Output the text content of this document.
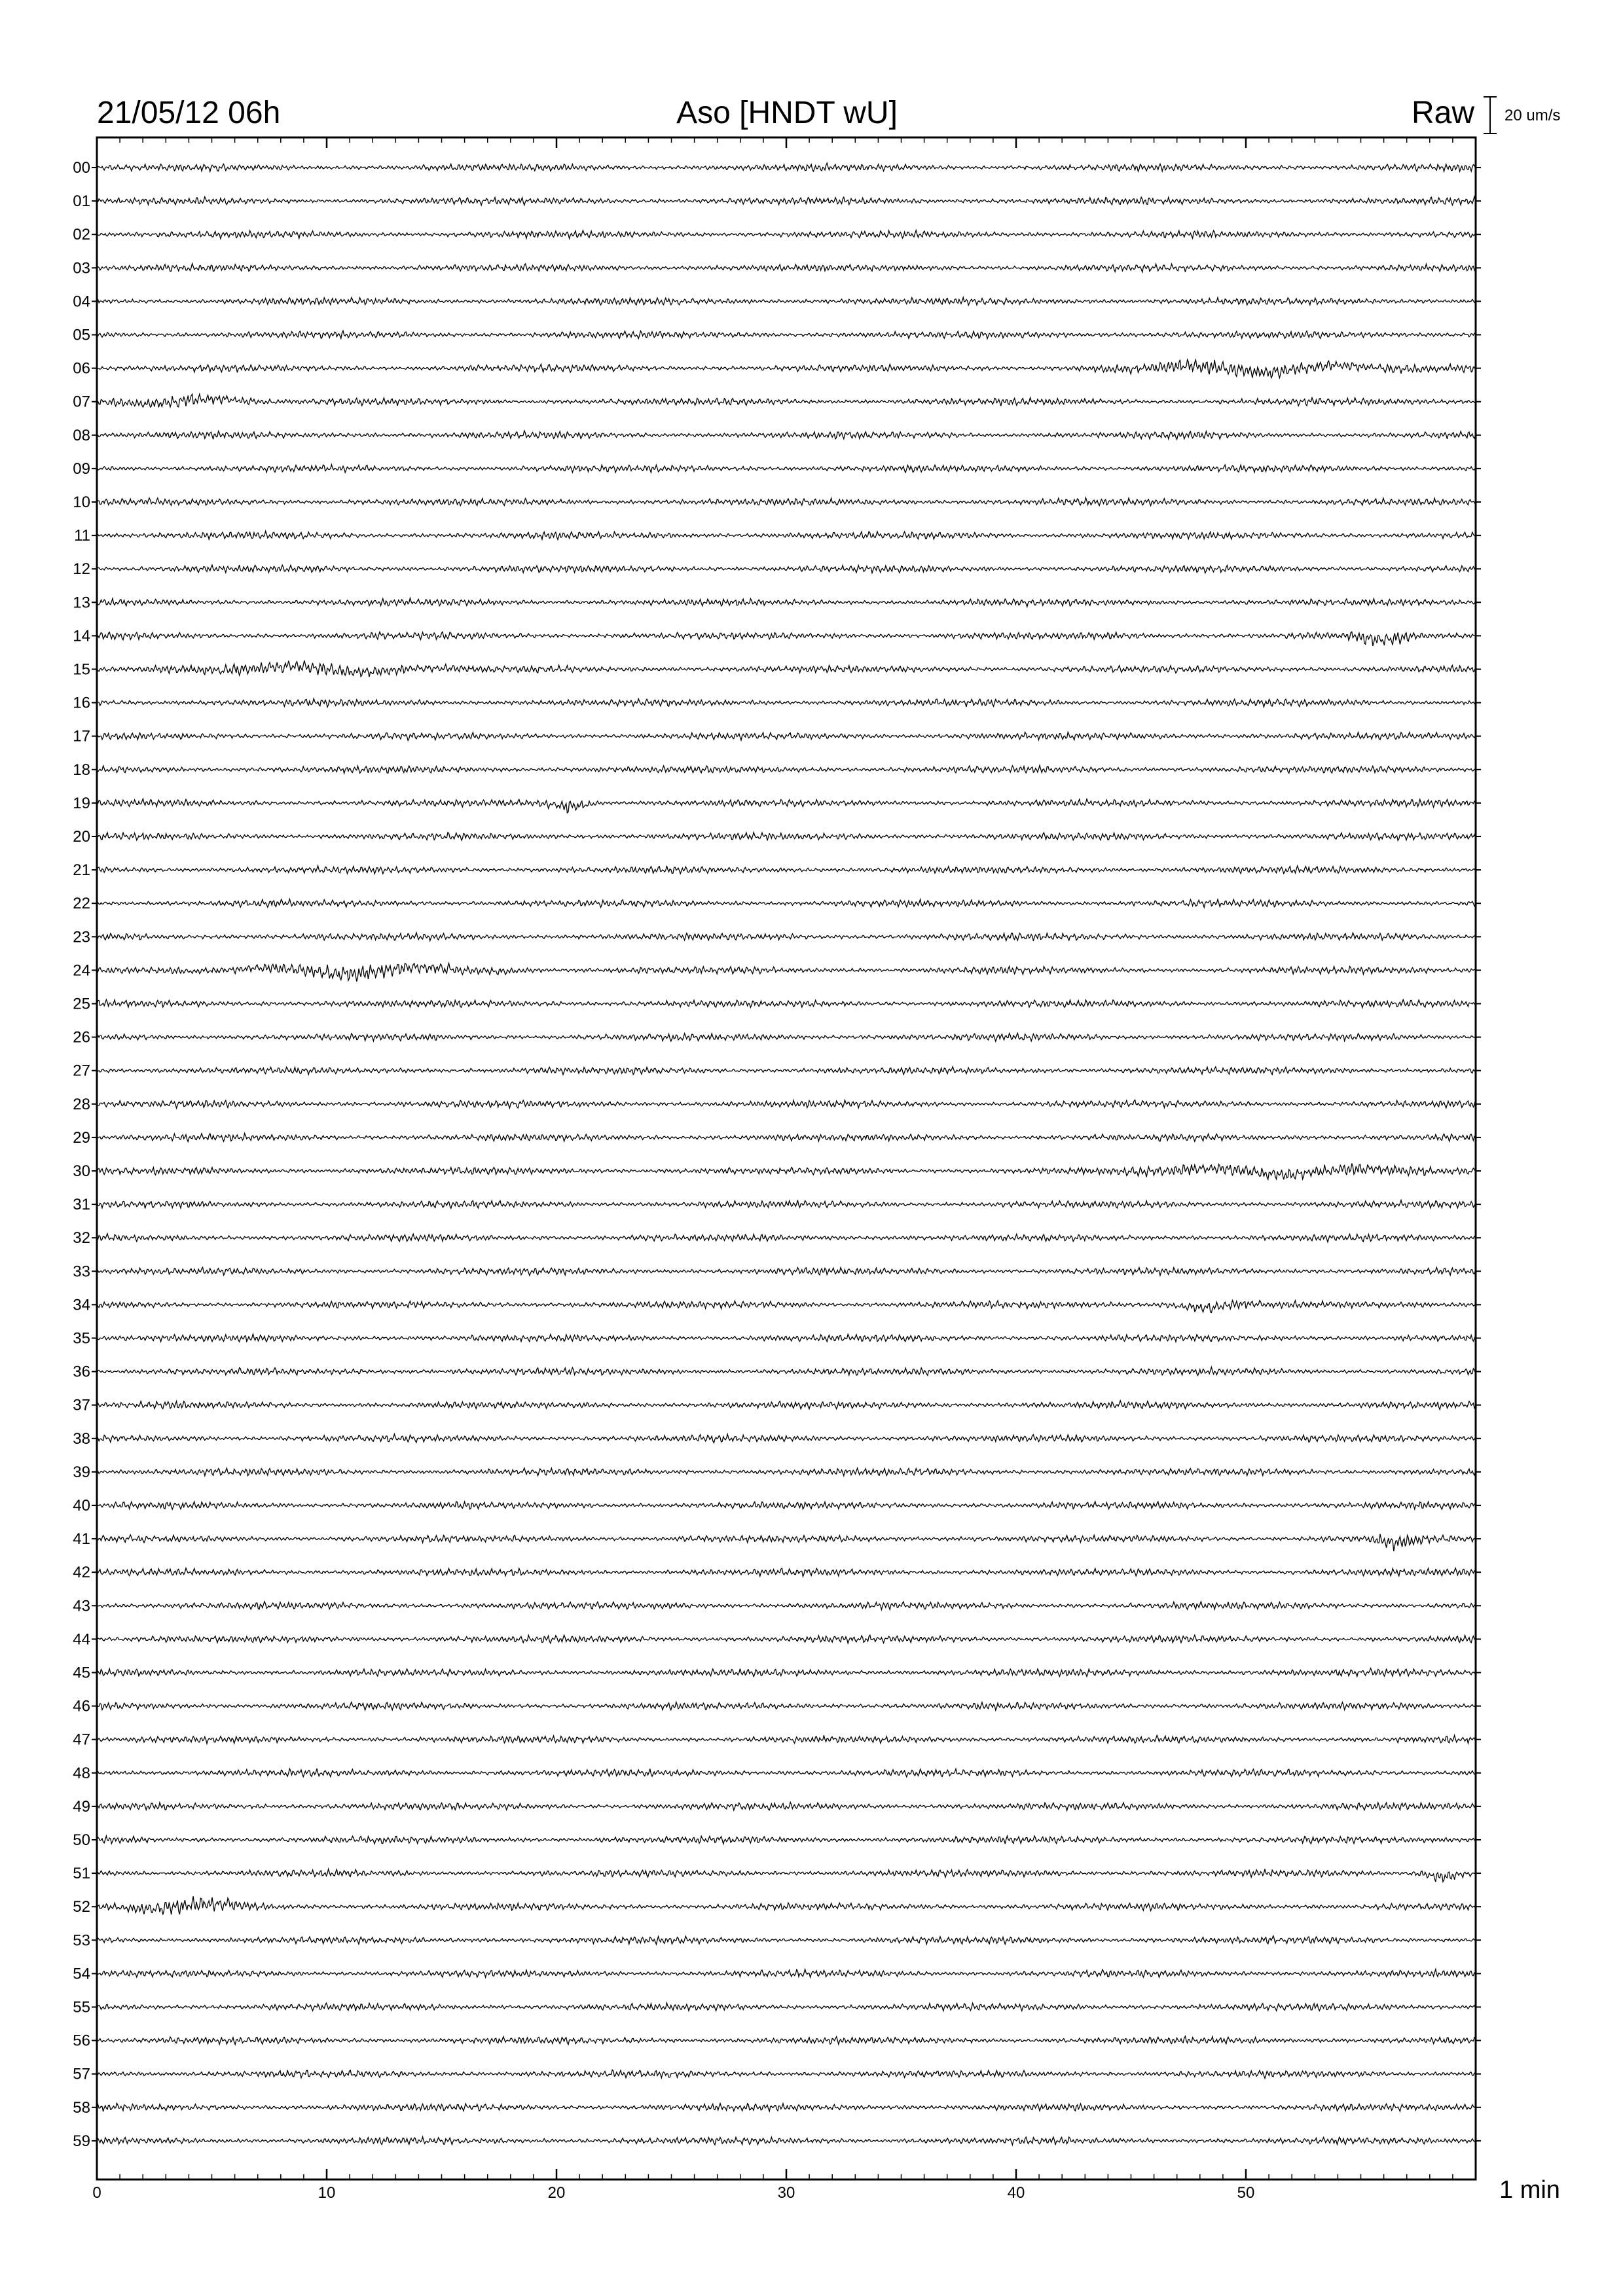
21/05/12 06h	Aso [HNDT wU]	Raw 20 um/s
00
01
02
03
04
05
06
07
08
09
10
11
12
13
14
15
16
17
18
19
20
21
22
23
24
25
26
27
28
29
30
31
32
33
34
35
36
37
38
39
40
41
42
43
44
45
46
47
48
49
50
51
52
53
54
55
56
57
58
59
0	10	20	30	40	50	1 min
